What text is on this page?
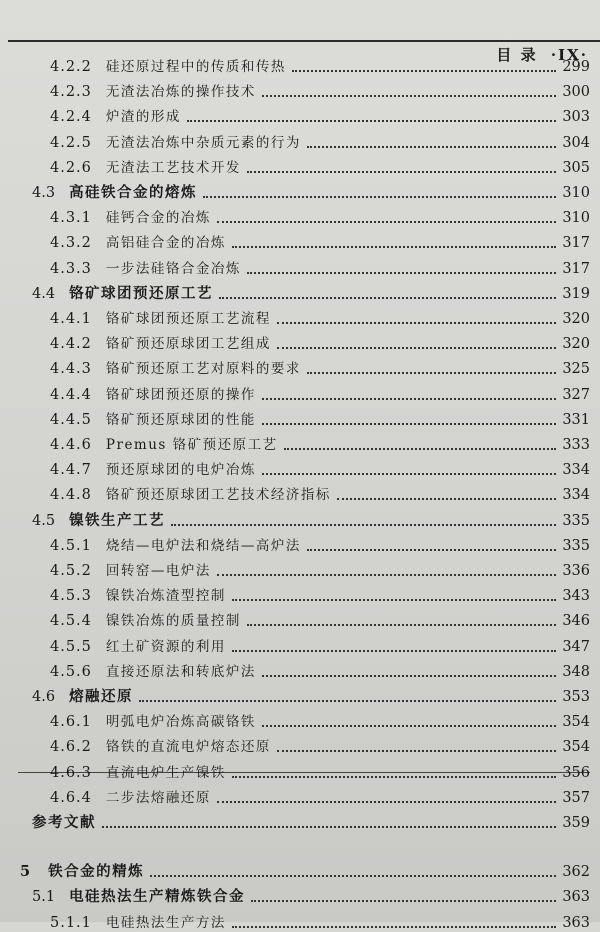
目 录 ·IX·
4.2.2 硅还原过程中的传质和传热	299
4.2.3 无渣法冶炼的操作技术	300
4.2.4 炉渣的形成	303
4.2.5 无渣法冶炼中杂质元素的行为	304
4.2.6 无渣法工艺技术开发	305
4.3 高硅铁合金的熔炼	310
4.3.1 硅钙合金的冶炼	310
4.3.2 高铝硅合金的冶炼	317
4.3.3 一步法硅铬合金冶炼	317
4.4 铬矿球团预还原工艺	319
4.4.1 铬矿球团预还原工艺流程	320
4.4.2 铬矿预还原球团工艺组成	320
4.4.3 铬矿预还原工艺对原料的要求	325
4.4.4 铬矿球团预还原的操作	327
4.4.5 铬矿预还原球团的性能	331
4.4.6 Premus 铬矿预还原工艺	333
4.4.7 预还原球团的电炉冶炼	334
4.4.8 铬矿预还原球团工艺技术经济指标	334
4.5 镍铁生产工艺	335
4.5.1 烧结—电炉法和烧结—高炉法	335
4.5.2 回转窑—电炉法	336
4.5.3 镍铁冶炼渣型控制	343
4.5.4 镍铁冶炼的质量控制	346
4.5.5 红土矿资源的利用	347
4.5.6 直接还原法和转底炉法	348
4.6 熔融还原	353
4.6.1 明弧电炉冶炼高碳铬铁	354
4.6.2 铬铁的直流电炉熔态还原	354
4.6.3 直流电炉生产镍铁	356
4.6.4 二步法熔融还原	357
参考文献	359
5 铁合金的精炼	362
5.1 电硅热法生产精炼铁合金	363
5.1.1 电硅热法生产方法	363
